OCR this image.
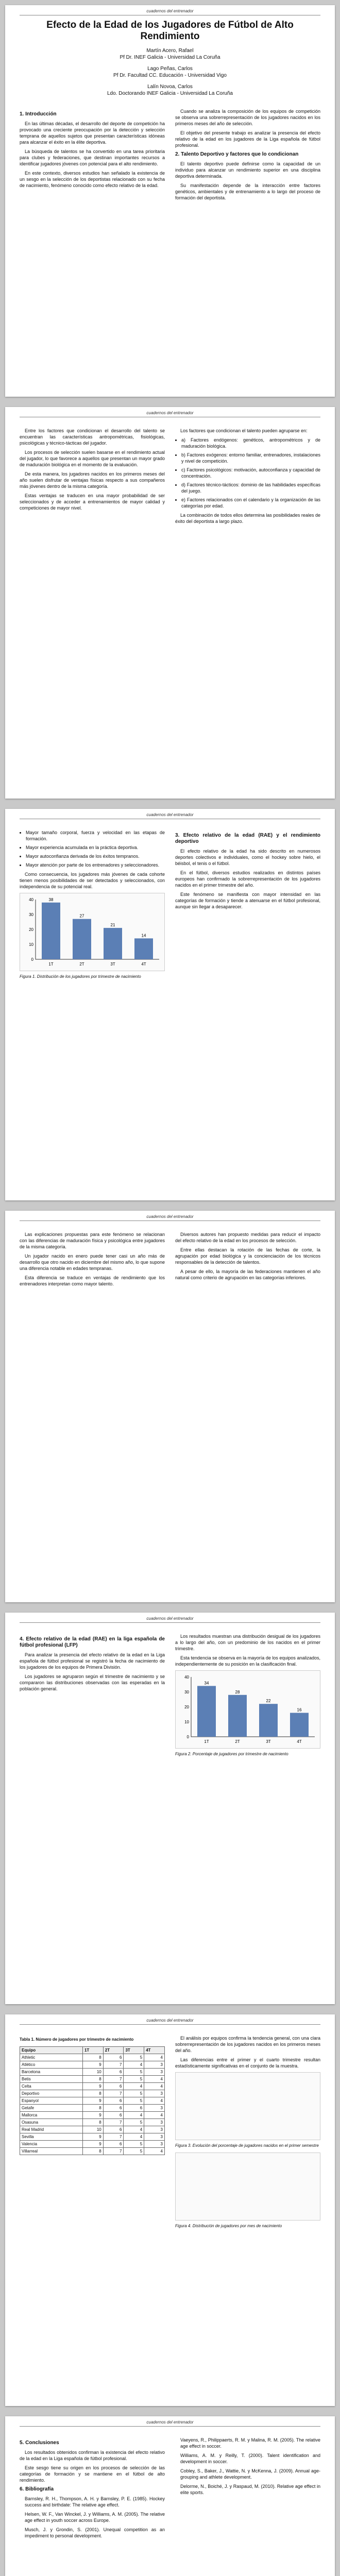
cuadernos del entrenador
Efecto de la Edad de los Jugadores de Fútbol de Alto Rendimiento
Martín Acero, Rafael
Pf Dr. INEF Galicia - Universidad La Coruña
Lago Peñas, Carlos
Pf Dr. Facultad CC. Educación - Universidad Vigo
Lalín Novoa, Carlos
Ldo. Doctorando INEF Galicia - Universidad La Coruña
1. Introducción

En las últimas décadas, el desarrollo del deporte de competición ha provocado una creciente preocupación por la detección y selección temprana de aquellos sujetos que presentan características idóneas para alcanzar el éxito en la élite deportiva.

La búsqueda de talentos se ha convertido en una tarea prioritaria para clubes y federaciones, que destinan importantes recursos a identificar jugadores jóvenes con potencial para el alto rendimiento.

En este contexto, diversos estudios han señalado la existencia de un sesgo en la selección de los deportistas relacionado con su fecha de nacimiento, fenómeno conocido como efecto relativo de la edad.

Cuando se analiza la composición de los equipos de competición se observa una sobrerrepresentación de los jugadores nacidos en los primeros meses del año de selección.

El objetivo del presente trabajo es analizar la presencia del efecto relativo de la edad en los jugadores de la Liga española de fútbol profesional.

2. Talento Deportivo y factores que lo condicionan

El talento deportivo puede definirse como la capacidad de un individuo para alcanzar un rendimiento superior en una disciplina deportiva determinada.

Su manifestación depende de la interacción entre factores genéticos, ambientales y de entrenamiento a lo largo del proceso de formación del deportista.

cuadernos del entrenador

Entre los factores que condicionan el desarrollo del talento se encuentran las características antropométricas, fisiológicas, psicológicas y técnico-tácticas del jugador.

Los procesos de selección suelen basarse en el rendimiento actual del jugador, lo que favorece a aquellos que presentan un mayor grado de maduración biológica en el momento de la evaluación.

De esta manera, los jugadores nacidos en los primeros meses del año suelen disfrutar de ventajas físicas respecto a sus compañeros más jóvenes dentro de la misma categoría.

Estas ventajas se traducen en una mayor probabilidad de ser seleccionados y de acceder a entrenamientos de mayor calidad y competiciones de mayor nivel.

Los factores que condicionan el talento pueden agruparse en:

• a) Factores endógenos: genéticos, antropométricos y de maduración biológica.
• b) Factores exógenos: entorno familiar, entrenadores, instalaciones y nivel de competición.
• c) Factores psicológicos: motivación, autoconfianza y capacidad de concentración.
• d) Factores técnico-tácticos: dominio de las habilidades específicas del juego.
• e) Factores relacionados con el calendario y la organización de las categorías por edad.

La combinación de todos ellos determina las posibilidades reales de éxito del deportista a largo plazo.

cuadernos del entrenador
• Mayor tamaño corporal, fuerza y velocidad en las etapas de formación.
• Mayor experiencia acumulada en la práctica deportiva.
• Mayor autoconfianza derivada de los éxitos tempranos.
• Mayor atención por parte de los entrenadores y seleccionadores.

Como consecuencia, los jugadores más jóvenes de cada cohorte tienen menos posibilidades de ser detectados y seleccionados, con independencia de su potencial real.

0
10
20
30
40
1T
38
2T
27
3T
21
4T
14
Figura 1. Distribución de los jugadores por trimestre de nacimiento
3. Efecto relativo de la edad (RAE) y el rendimiento deportivo

El efecto relativo de la edad ha sido descrito en numerosos deportes colectivos e individuales, como el hockey sobre hielo, el béisbol, el tenis o el fútbol.

En el fútbol, diversos estudios realizados en distintos países europeos han confirmado la sobrerrepresentación de los jugadores nacidos en el primer trimestre del año.

Este fenómeno se manifiesta con mayor intensidad en las categorías de formación y tiende a atenuarse en el fútbol profesional, aunque sin llegar a desaparecer.

cuadernos del entrenador

Las explicaciones propuestas para este fenómeno se relacionan con las diferencias de maduración física y psicológica entre jugadores de la misma categoría.

Un jugador nacido en enero puede tener casi un año más de desarrollo que otro nacido en diciembre del mismo año, lo que supone una diferencia notable en edades tempranas.

Esta diferencia se traduce en ventajas de rendimiento que los entrenadores interpretan como mayor talento.

Diversos autores han propuesto medidas para reducir el impacto del efecto relativo de la edad en los procesos de selección.

Entre ellas destacan la rotación de las fechas de corte, la agrupación por edad biológica y la concienciación de los técnicos responsables de la detección de talentos.

A pesar de ello, la mayoría de las federaciones mantienen el año natural como criterio de agrupación en las categorías inferiores.

cuadernos del entrenador
4. Efecto relativo de la edad (RAE) en la liga española de fútbol profesional (LFP)

Para analizar la presencia del efecto relativo de la edad en la Liga española de fútbol profesional se registró la fecha de nacimiento de los jugadores de los equipos de Primera División.

Los jugadores se agruparon según el trimestre de nacimiento y se compararon las distribuciones observadas con las esperadas en la población general.

Los resultados muestran una distribución desigual de los jugadores a lo largo del año, con un predominio de los nacidos en el primer trimestre.

Esta tendencia se observa en la mayoría de los equipos analizados, independientemente de su posición en la clasificación final.

0
10
20
30
40
1T
34
2T
28
3T
22
4T
16
Figura 2. Porcentaje de jugadores por trimestre de nacimiento
cuadernos del entrenador
Tabla 1. Número de jugadores por trimestre de nacimiento
Equipo	1T	2T	3T	4T
Athletic	8	6	5	4
Atlético	9	7	4	3
Barcelona	10	6	5	3
Betis	8	7	5	4
Celta	9	6	4	4
Deportivo	8	7	5	3
Espanyol	9	6	5	4
Getafe	8	6	6	3
Mallorca	9	6	4	4
Osasuna	8	7	5	3
Real Madrid	10	6	4	3
Sevilla	9	7	4	3
Valencia	9	6	5	3
Villarreal	8	7	5	4

El análisis por equipos confirma la tendencia general, con una clara sobrerrepresentación de los jugadores nacidos en los primeros meses del año.

Las diferencias entre el primer y el cuarto trimestre resultan estadísticamente significativas en el conjunto de la muestra.

Figura 3. Evolución del porcentaje de jugadores nacidos en el primer semestre
Figura 4. Distribución de jugadores por mes de nacimiento
cuadernos del entrenador
5. Conclusiones

Los resultados obtenidos confirman la existencia del efecto relativo de la edad en la Liga española de fútbol profesional.

Este sesgo tiene su origen en los procesos de selección de las categorías de formación y se mantiene en el fútbol de alto rendimiento.

6. Bibliografía

Barnsley, R. H., Thompson, A. H. y Barnsley, P. E. (1985). Hockey success and birthdate: The relative age effect.

Helsen, W. F., Van Winckel, J. y Williams, A. M. (2005). The relative age effect in youth soccer across Europe.

Musch, J. y Grondin, S. (2001). Unequal competition as an impediment to personal development.

Vaeyens, R., Philippaerts, R. M. y Malina, R. M. (2005). The relative age effect in soccer.

Williams, A. M. y Reilly, T. (2000). Talent identification and development in soccer.

Cobley, S., Baker, J., Wattie, N. y McKenna, J. (2009). Annual age-grouping and athlete development.

Delorme, N., Boiché, J. y Raspaud, M. (2010). Relative age effect in elite sports.
